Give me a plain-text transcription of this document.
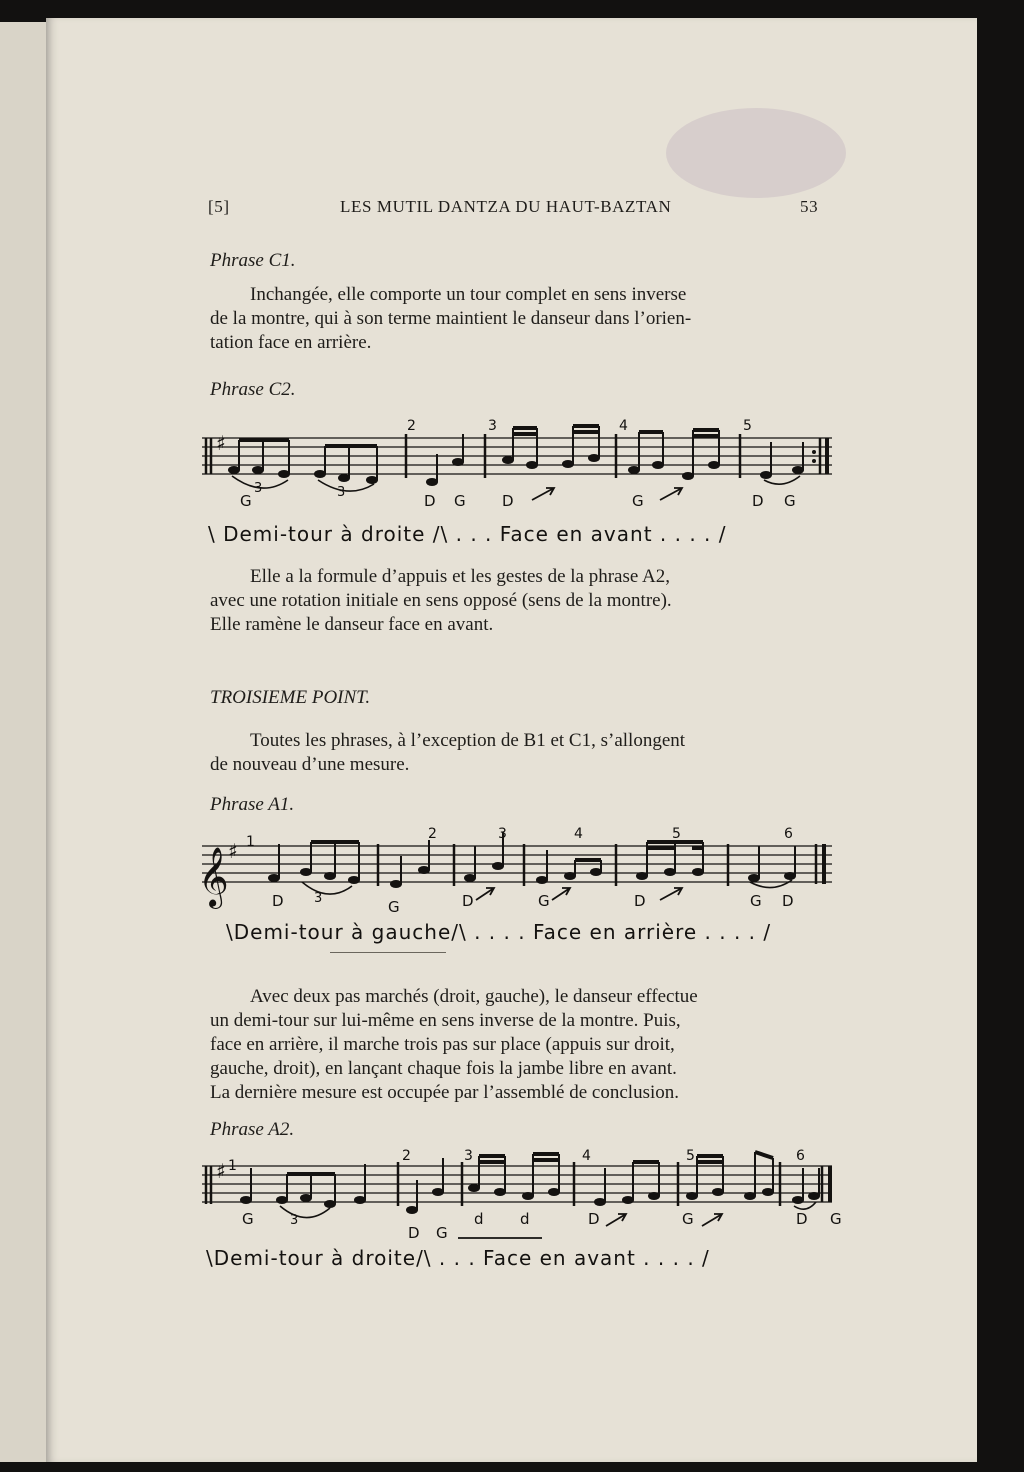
[5]	LES MUTIL DANTZA DU HAUT-BAZTAN	53
Phrase C1.
Inchangée, elle comporte un tour complet en sens inverse
de la montre, qui à son terme maintient le danseur dans l’orien-
tation face en arrière.
Phrase C2.
♯
3	3
2	3	4	5
G	D G D	G	D G
\ Demi-tour à droite /\ . . . Face en avant . . . . /
Elle a la formule d’appuis et les gestes de la phrase A2,
avec une rotation initiale en sens opposé (sens de la montre).
Elle ramène le danseur face en avant.
TROISIEME POINT.
Toutes les phrases, à l’exception de B1 et C1, s’allongent
de nouveau d’une mesure.
Phrase A1.
𝄞 ♯
3
1	2	3	4	5	6
D	G	D	G	D	G D
\Demi-tour à gauche/\ . . . . Face en arrière . . . . /
Avec deux pas marchés (droit, gauche), le danseur effectue
un demi-tour sur lui-même en sens inverse de la montre. Puis,
face en arrière, il marche trois pas sur place (appuis sur droit,
gauche, droit), en lançant chaque fois la jambe libre en avant.
La dernière mesure est occupée par l’assemblé de conclusion.
Phrase A2.
♯
3
1
2	3	4	5	6
G
D G
d d	D	G	D G
\Demi-tour à droite/\ . . . Face en avant . . . . /
